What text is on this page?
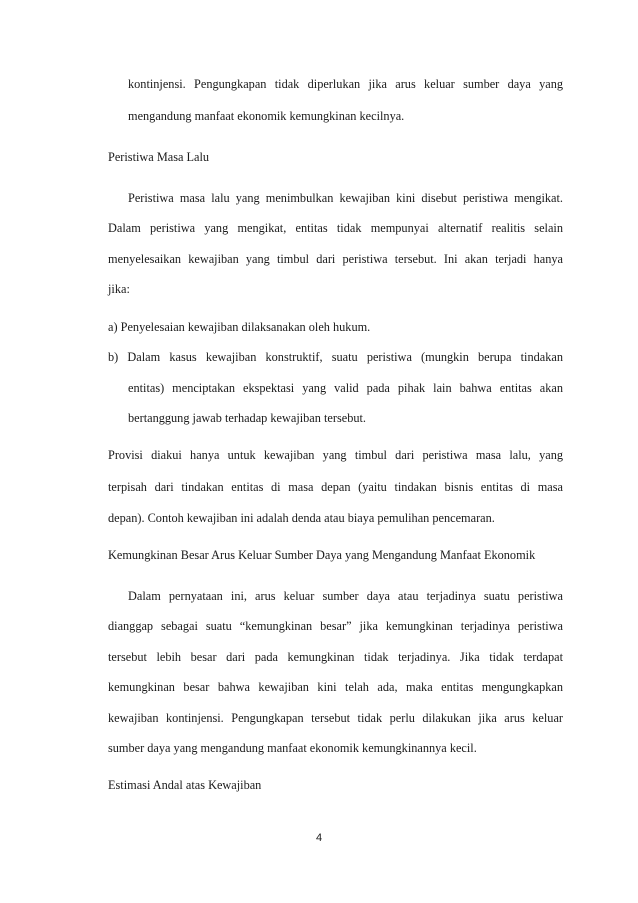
kontinjensi. Pengungkapan tidak diperlukan jika arus keluar sumber daya yang
mengandung manfaat ekonomik kemungkinan kecilnya.
Peristiwa Masa Lalu
Peristiwa masa lalu yang menimbulkan kewajiban kini disebut peristiwa mengikat.
Dalam peristiwa yang mengikat, entitas tidak mempunyai alternatif realitis selain
menyelesaikan kewajiban yang timbul dari peristiwa tersebut. Ini akan terjadi hanya
jika:
a) Penyelesaian kewajiban dilaksanakan oleh hukum.
b) Dalam kasus kewajiban konstruktif, suatu peristiwa (mungkin berupa tindakan
entitas) menciptakan ekspektasi yang valid pada pihak lain bahwa entitas akan
bertanggung jawab terhadap kewajiban tersebut.
Provisi diakui hanya untuk kewajiban yang timbul dari peristiwa masa lalu, yang
terpisah dari tindakan entitas di masa depan (yaitu tindakan bisnis entitas di masa
depan). Contoh kewajiban ini adalah denda atau biaya pemulihan pencemaran.
Kemungkinan Besar Arus Keluar Sumber Daya yang Mengandung Manfaat Ekonomik
Dalam pernyataan ini, arus keluar sumber daya atau terjadinya suatu peristiwa
dianggap sebagai suatu “kemungkinan besar” jika kemungkinan terjadinya peristiwa
tersebut lebih besar dari pada kemungkinan tidak terjadinya. Jika tidak terdapat
kemungkinan besar bahwa kewajiban kini telah ada, maka entitas mengungkapkan
kewajiban kontinjensi. Pengungkapan tersebut tidak perlu dilakukan jika arus keluar
sumber daya yang mengandung manfaat ekonomik kemungkinannya kecil.
Estimasi Andal atas Kewajiban
4
